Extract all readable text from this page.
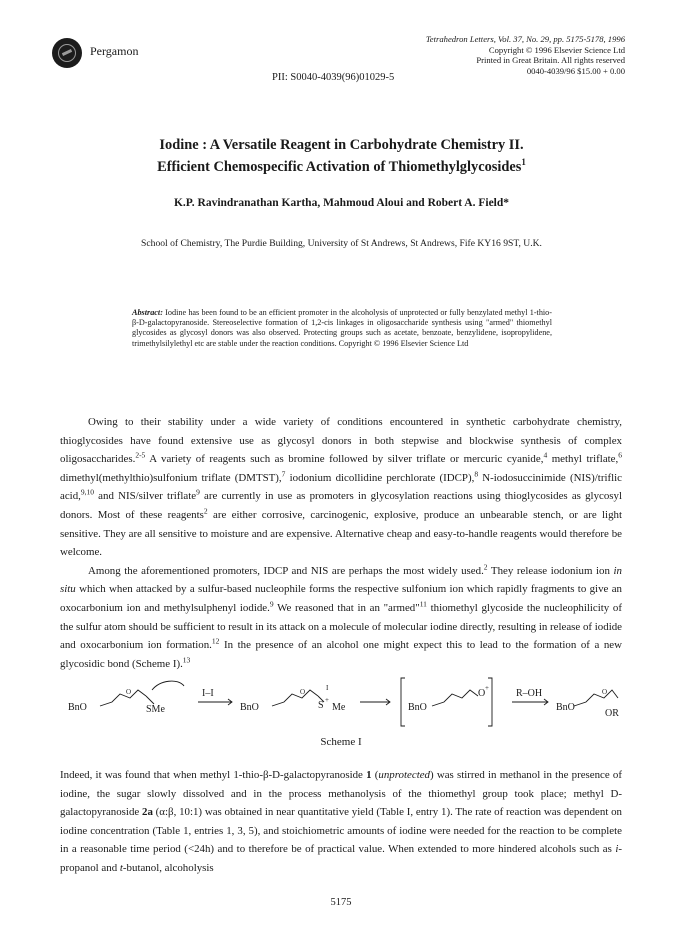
Pergamon
Tetrahedron Letters, Vol. 37, No. 29, pp. 5175-5178, 1996
Copyright © 1996 Elsevier Science Ltd
Printed in Great Britain. All rights reserved
0040-4039/96 $15.00 + 0.00
PII: S0040-4039(96)01029-5
Iodine : A Versatile Reagent in Carbohydrate Chemistry II.
Efficient Chemospecific Activation of Thiomethylglycosides$^1$
K.P. Ravindranathan Kartha, Mahmoud Aloui and Robert A. Field*
School of Chemistry, The Purdie Building, University of St Andrews, St Andrews, Fife KY16 9ST, U.K.
Abstract: Iodine has been found to be an efficient promoter in the alcoholysis of unprotected or fully benzylated methyl 1-thio-β-D-galactopyranoside. Stereoselective formation of 1,2-cis linkages in oligosaccharide synthesis using "armed" thiomethyl glycosides as glycosyl donors was also observed. Protecting groups such as acetate, benzoate, benzylidene, isopropylidene, trimethylsilylethyl etc are stable under the reaction conditions. Copyright © 1996 Elsevier Science Ltd

Owing to their stability under a wide variety of conditions encountered in synthetic carbohydrate chemistry, thioglycosides have found extensive use as glycosyl donors in both stepwise and blockwise synthesis of complex oligosaccharides.$^{2-5}$ A variety of reagents such as bromine followed by silver triflate or mercuric cyanide,$^4$ methyl triflate,$^6$ dimethyl(methylthio)sulfonium triflate (DMTST),$^7$ iodonium dicollidine perchlorate (IDCP),$^8$ N-iodosuccinimide (NIS)/triflic acid,$^{9,10}$ and NIS/silver triflate$^9$ are currently in use as promoters in glycosylation reactions using thioglycosides as glycosyl donors. Most of these reagents$^2$ are either corrosive, carcinogenic, explosive, produce an unbearable stench, or are light sensitive. They are all sensitive to moisture and are expensive. Alternative cheap and easy-to-handle reagents would therefore be welcome.

Among the aforementioned promoters, IDCP and NIS are perhaps the most widely used.$^2$ They release iodonium ion in situ which when attacked by a sulfur-based nucleophile forms the respective sulfonium ion which rapidly fragments to give an oxocarbonium ion and methylsulphenyl iodide.$^9$ We reasoned that in an "armed"$^{11}$ thiomethyl glycoside the nucleophilicity of the sulfur atom should be sufficient to result in its attack on a molecule of molecular iodine directly, resulting in release of iodide and oxocarbonium ion formation.$^{12}$ In the presence of an alcohol one might expect this to lead to the formation of a new glycosidic bond (Scheme I).$^{13}$

BnO
O
SMe
I–I
BnO
O
S +
Me
I
BnO
O +	R–OH
BnO
O
OR
Scheme I

Indeed, it was found that when methyl 1-thio-β-D-galactopyranoside 1 (unprotected) was stirred in methanol in the presence of iodine, the sugar slowly dissolved and in the process methanolysis of the thiomethyl group took place; methyl D-galactopyranoside 2a (α:β, 10:1) was obtained in near quantitative yield (Table I, entry 1). The rate of reaction was dependent on iodine concentration (Table 1, entries 1, 3, 5), and stoichiometric amounts of iodine were needed for the reaction to be complete in a reasonable time period (<24h) and to therefore be of practical value. When extended to more hindered alcohols such as i-propanol and t-butanol, alcoholysis

5175
